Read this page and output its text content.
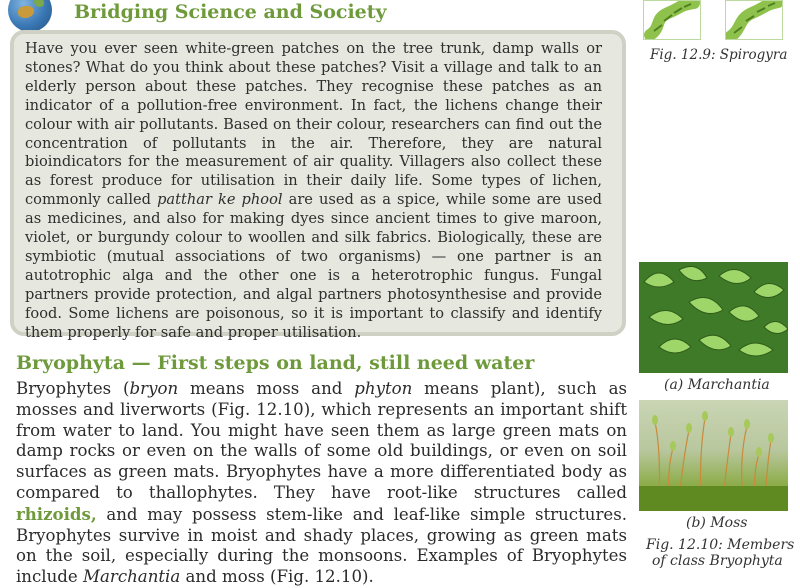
Bridging Science and Society

Have you ever seen white-green patches on the tree trunk, damp walls or stones? What do you think about these patches? Visit a village and talk to an elderly person about these patches. They recognise these patches as an indicator of a pollution-free environment. In fact, the lichens change their colour with air pollutants. Based on their colour, researchers can find out the concentration of pollutants in the air. Therefore, they are natural bioindicators for the measurement of air quality. Villagers also collect these as forest produce for utilisation in their daily life. Some types of lichen, commonly called patthar ke phool are used as a spice, while some are used as medicines, and also for making dyes since ancient times to give maroon, violet, or burgundy colour to woollen and silk fabrics. Biologically, these are symbiotic (mutual associations of two organisms) — one partner is an autotrophic alga and the other one is a heterotrophic fungus. Fungal partners provide protection, and algal partners photosynthesise and provide food. Some lichens are poisonous, so it is important to classify and identify them properly for safe and proper utilisation.

Bryophyta — First steps on land, still need water

Bryophytes (bryon means moss and phyton means plant), such as mosses and liverworts (Fig. 12.10), which represents an important shift from water to land. You might have seen them as large green mats on damp rocks or even on the walls of some old buildings, or even on soil surfaces as green mats. Bryophytes have a more differentiated body as compared to thallophytes. They have root-like structures called rhizoids, and may possess stem-like and leaf-like simple structures. Bryophytes survive in moist and shady places, growing as green mats on the soil, especially during the monsoons. Examples of Bryophytes include Marchantia and moss (Fig. 12.10).

Fig. 12.9: Spirogyra

(a) Marchantia

(b) Moss

Fig. 12.10: Members

of class Bryophyta
